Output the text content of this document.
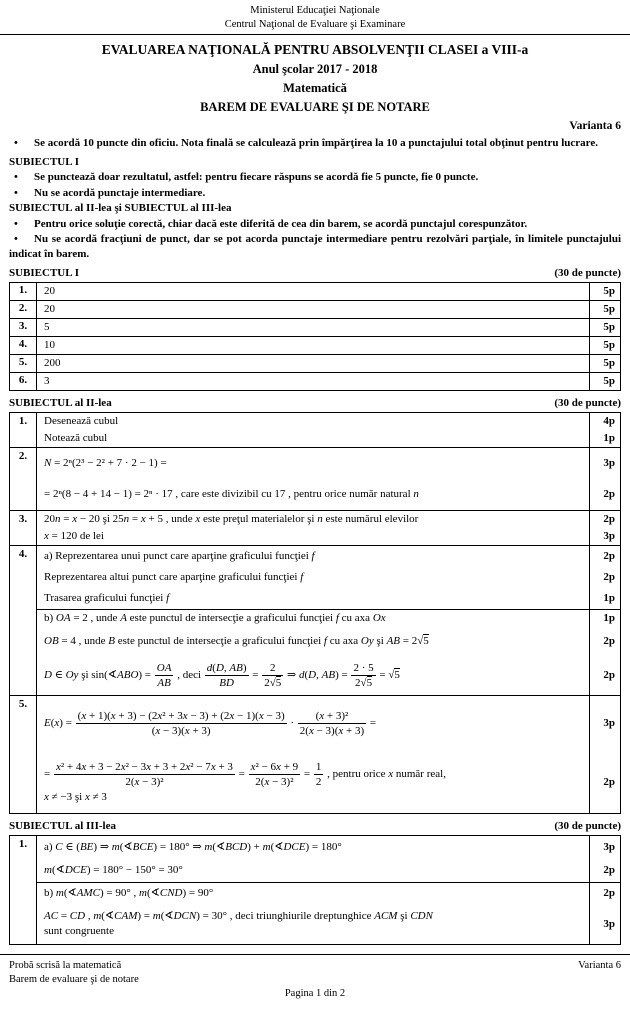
Ministerul Educaţiei Naţionale
Centrul Naţional de Evaluare şi Examinare
EVALUAREA NAŢIONALĂ PENTRU ABSOLVENŢII CLASEI a VIII-a
Anul şcolar 2017 - 2018
Matematică
BAREM DE EVALUARE ŞI DE NOTARE
Varianta 6

• Se acordă 10 puncte din oficiu. Nota finală se calculează prin împărţirea la 10 a punctajului total obţinut pentru lucrare.

SUBIECTUL I

• Se punctează doar rezultatul, astfel: pentru fiecare răspuns se acordă fie 5 puncte, fie 0 puncte.

• Nu se acordă punctaje intermediare.

SUBIECTUL al II-lea şi SUBIECTUL al III-lea

• Pentru orice soluţie corectă, chiar dacă este diferită de cea din barem, se acordă punctajul corespunzător.

• Nu se acordă fracţiuni de punct, dar se pot acorda punctaje intermediare pentru rezolvări parţiale, în limitele punctajului indicat în barem.

SUBIECTUL I	(30 de puncte)
1.	20	5p
2.	20	5p
3.	5	5p
4.	10	5p
5.	200	5p
6.	3	5p
SUBIECTUL al II-lea	(30 de puncte)
1.	Desenează cubul	4p
	Notează cubul	1p
2.	N = 2ⁿ(2³ − 2² + 7 · 2 − 1) =	3p
	= 2ⁿ(8 − 4 + 14 − 1) = 2ⁿ · 17 , care este divizibil cu 17 , pentru orice număr natural n	2p
3.	20n = x − 20 şi 25n = x + 5 , unde x este preţul materialelor şi n este numărul elevilor	2p
	x = 120 de lei	3p
4.	a) Reprezentarea unui punct care aparţine graficului funcţiei f	2p
	Reprezentarea altui punct care aparţine graficului funcţiei f	2p
	Trasarea graficului funcţiei f	1p
	b) OA = 2 , unde A este punctul de intersecţie a graficului funcţiei f cu axa Ox	1p
	OB = 4 , unde B este punctul de intersecţie a graficului funcţiei f cu axa Oy şi AB = 2√5	2p
D ∈ Oy şi sin(∢ABO) = $\frac{OA}{AB}$ , deci $\frac{d(D, AB)}{BD} = \frac{2}{2√5}$ ⇒ d(D, $AB) = \frac{2 \cdot 5}{2√5} = √5$	2p
5.	$E(x) = \frac{\text{(x + 1)(x + 3) − (2x² + 3x − 3) + (2x − 1)(x − 3)}}{(x - 3)(x + 3)} \cdot \frac{\text{(x + 3)²}}{2(x - 3)(x + 3)}$ =	3p
= $\frac{\text{x² + 4x + 3 − 2x² − 3x + 3 + 2x² − 7x + 3}}{\text{2(x − 3)²}} = \frac{\text{x² − 6x + 9}}{\text{2(x − 3)²}} = \frac{1}{2}$ , pentru orice x număr real,
x ≠ −3 şi x ≠ 3	2p
SUBIECTUL al III-lea	(30 de puncte)
1.	a) C ∈ (BE) ⇒ m(∢BCE) = 180° ⇒ m(∢BCD) + m(∢DCE) = 180°	3p
	m(∢DCE) = 180° − 150° = 30°	2p
	b) m(∢AMC) = 90° , m(∢CND) = 90°	2p
	AC = CD , m(∢CAM) = m(∢DCN) = 30° , deci triunghiurile dreptunghice ACM şi CDN
sunt congruente	3p
Probă scrisă la matematică
Barem de evaluare şi de notare
Varianta 6
Pagina 1 din 2
